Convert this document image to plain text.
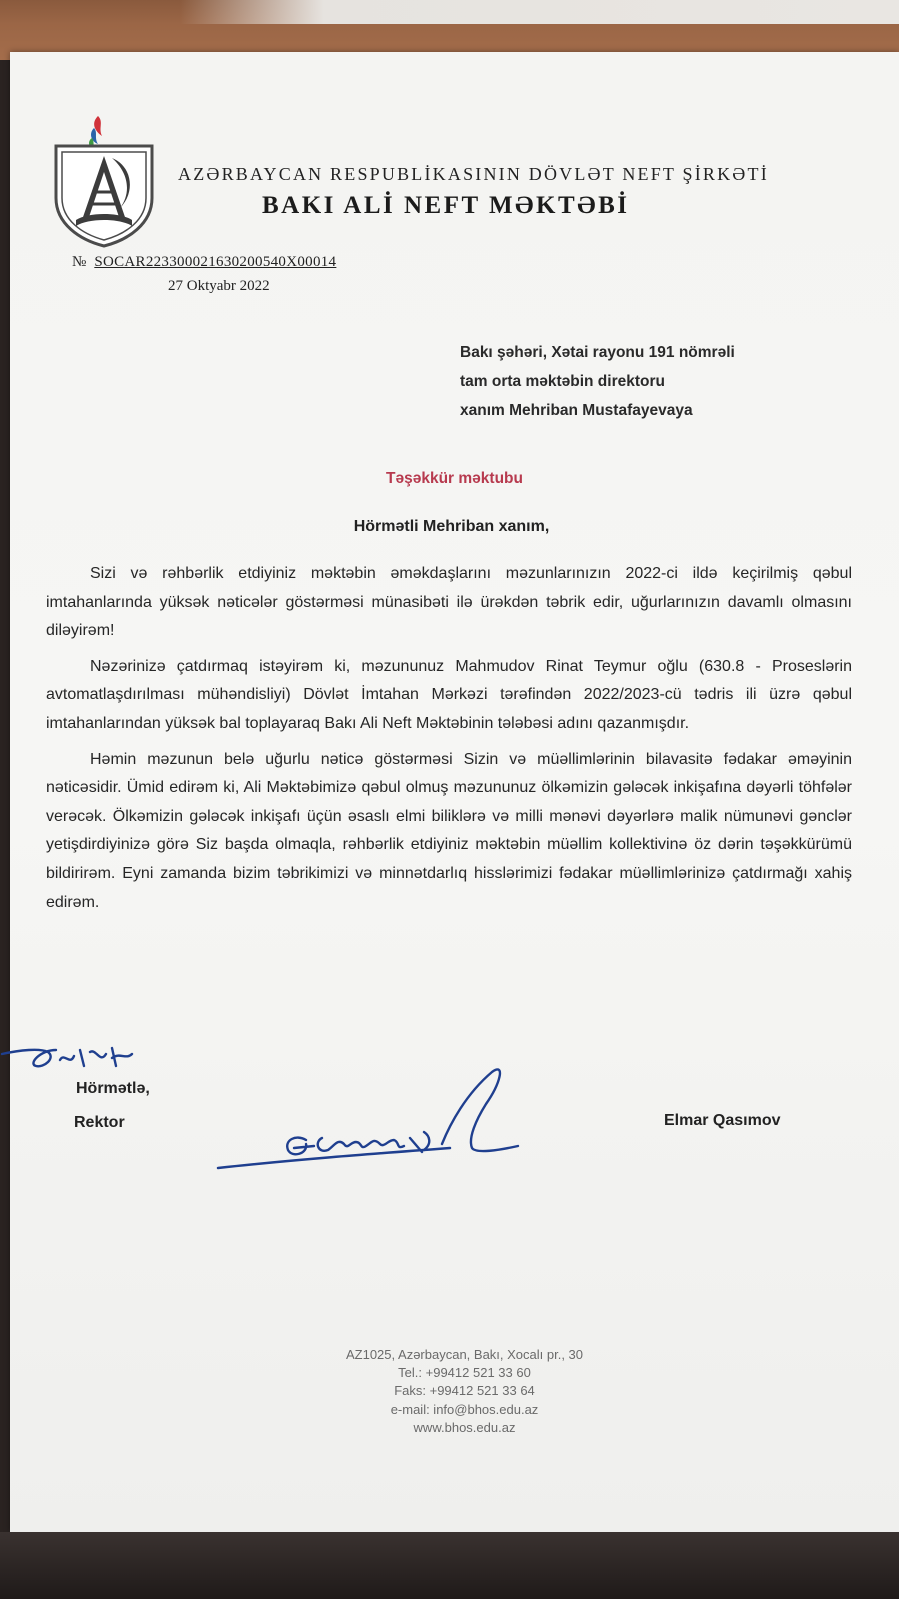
AZƏRBAYCAN RESPUBLİKASININ DÖVLƏT NEFT ŞİRKƏTİ
BAKI ALİ NEFT MƏKTƏBİ
№ SOCAR22330002163020054​0X00014
27 Oktyabr 2022
Bakı şəhəri, Xətai rayonu 191 nömrəli
tam orta məktəbin direktoru
xanım Mehriban Mustafayevaya
Təşəkkür məktubu
Hörmətli Mehriban xanım,

Sizi və rəhbərlik etdiyiniz məktəbin əməkdaşlarını məzunlarınızın 2022-ci ildə keçirilmiş qəbul imtahanlarında yüksək nəticələr göstərməsi münasibəti ilə ürəkdən təbrik edir, uğurlarınızın davamlı olmasını diləyirəm!

Nəzərinizə çatdırmaq istəyirəm ki, məzununuz Mahmudov Rinat Teymur oğlu (630.8 - Proseslərin avtomatlaşdırılması mühəndisliyi) Dövlət İmtahan Mərkəzi tərəfindən 2022/2023-cü tədris ili üzrə qəbul imtahanlarından yüksək bal toplayaraq Bakı Ali Neft Məktəbinin tələbəsi adını qazanmışdır.

Həmin məzunun belə uğurlu nəticə göstərməsi Sizin və müəllimlərinin bilavasitə fədakar əməyinin nəticəsidir. Ümid edirəm ki, Ali Məktəbimizə qəbul olmuş məzununuz ölkəmizin gələcək inkişafına dəyərli töhfələr verəcək. Ölkəmizin gələcək inkişafı üçün əsaslı elmi biliklərə və milli mənəvi dəyərlərə malik nümunəvi gənclər yetişdirdiyinizə görə Siz başda olmaqla, rəhbərlik etdiyiniz məktəbin müəllim kollektivinə öz dərin təşəkkürümü bildirirəm. Eyni zamanda bizim təbrikimizi və minnətdarlıq hisslərimizi fədakar müəllimlərinizə çatdırmağı xahiş edirəm.

Hörmətlə,
Rektor	Elmar Qasımov
AZ1025, Azərbaycan, Bakı, Xocalı pr., 30
Tel.: +99412 521 33 60
Faks: +99412 521 33 64
e-mail: info@bhos.edu.az
www.bhos.edu.az
